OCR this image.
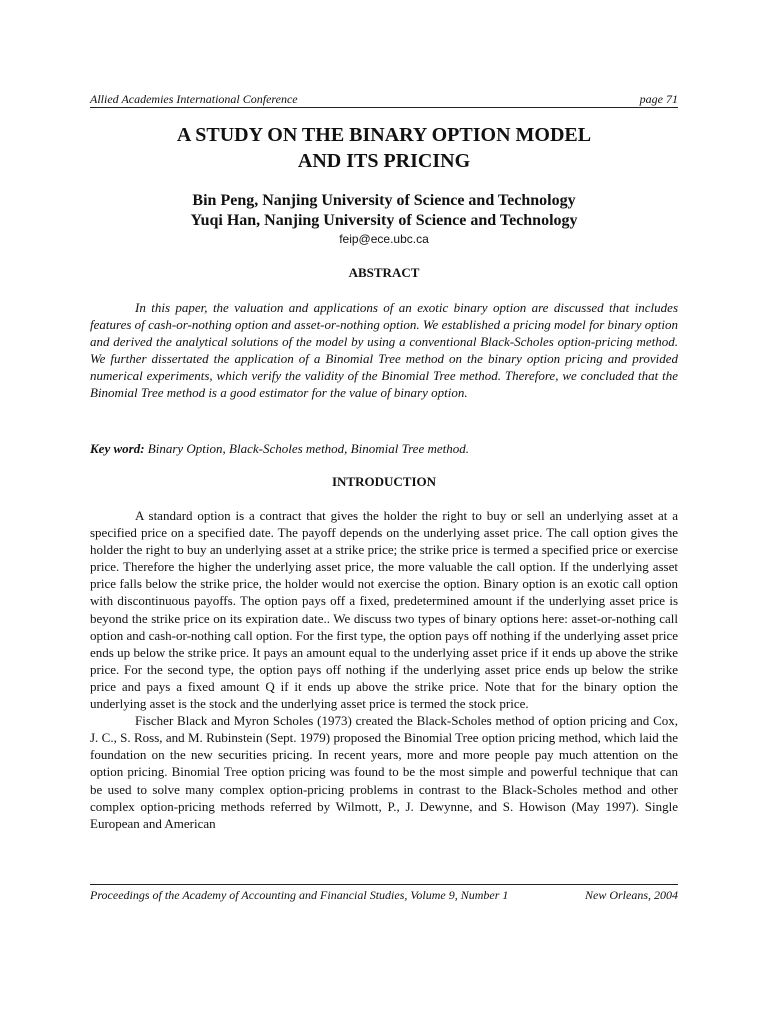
Allied Academies International Conference	page 71
A STUDY ON THE BINARY OPTION MODEL
AND ITS PRICING
Bin Peng, Nanjing University of Science and Technology
Yuqi Han, Nanjing University of Science and Technology
feip@ece.ubc.ca
ABSTRACT
In this paper, the valuation and applications of an exotic binary option are discussed that includes features of cash-or-nothing option and asset-or-nothing option. We established a pricing model for binary option and derived the analytical solutions of the model by using a conventional Black-Scholes option-pricing method. We further dissertated the application of a Binomial Tree method on the binary option pricing and provided numerical experiments, which verify the validity of the Binomial Tree method. Therefore, we concluded that the Binomial Tree method is a good estimator for the value of binary option.
Key word: Binary Option, Black-Scholes method, Binomial Tree method.
INTRODUCTION

A standard option is a contract that gives the holder the right to buy or sell an underlying asset at a specified price on a specified date. The payoff depends on the underlying asset price. The call option gives the holder the right to buy an underlying asset at a strike price; the strike price is termed a specified price or exercise price. Therefore the higher the underlying asset price, the more valuable the call option. If the underlying asset price falls below the strike price, the holder would not exercise the option. Binary option is an exotic call option with discontinuous payoffs. The option pays off a fixed, predetermined amount if the underlying asset price is beyond the strike price on its expiration date.. We discuss two types of binary options here: asset-or-nothing call option and cash-or-nothing call option. For the first type, the option pays off nothing if the underlying asset price ends up below the strike price. It pays an amount equal to the underlying asset price if it ends up above the strike price. For the second type, the option pays off nothing if the underlying asset price ends up below the strike price and pays a fixed amount Q if it ends up above the strike price. Note that for the binary option the underlying asset is the stock and the underlying asset price is termed the stock price.

Fischer Black and Myron Scholes (1973) created the Black-Scholes method of option pricing and Cox, J. C., S. Ross, and M. Rubinstein (Sept. 1979) proposed the Binomial Tree option pricing method, which laid the foundation on the new securities pricing. In recent years, more and more people pay much attention on the option pricing. Binomial Tree option pricing was found to be the most simple and powerful technique that can be used to solve many complex option-pricing problems in contrast to the Black-Scholes method and other complex option-pricing methods referred by Wilmott, P., J. Dewynne, and S. Howison (May 1997). Single European and American

Proceedings of the Academy of Accounting and Financial Studies, Volume 9, Number 1	New Orleans, 2004
